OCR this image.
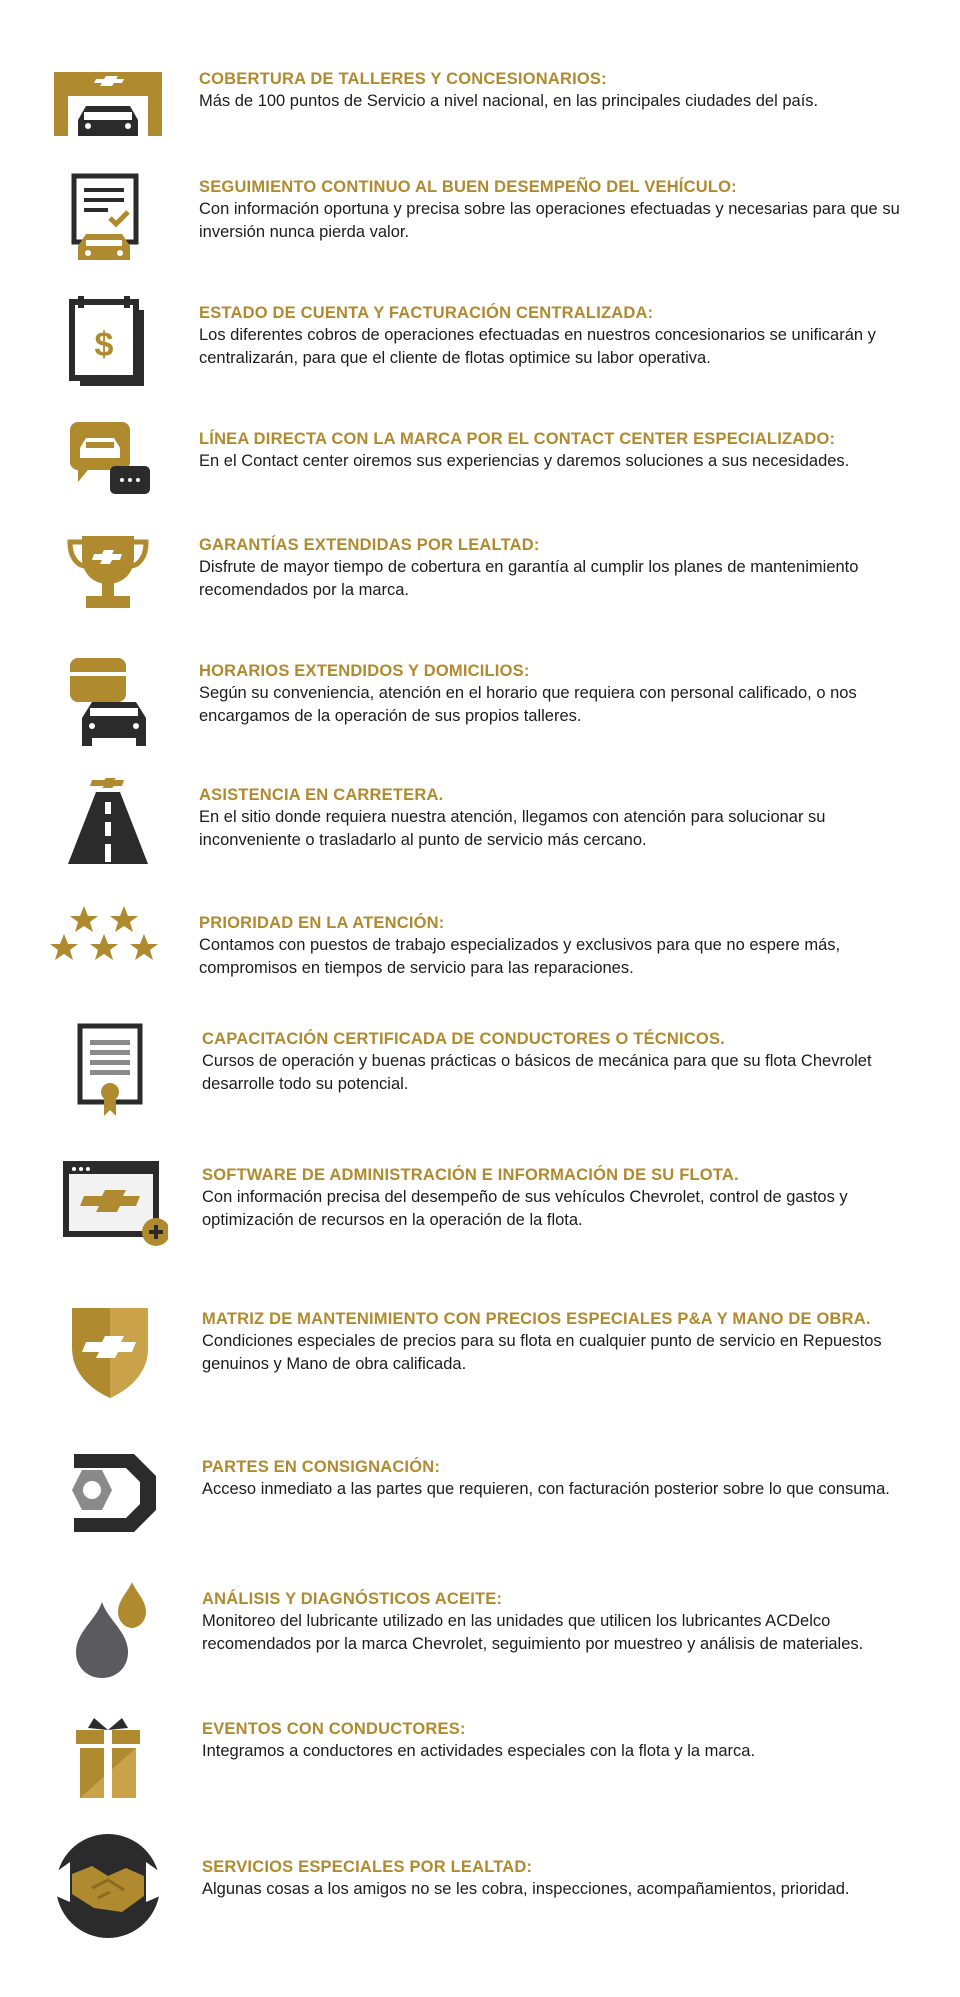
COBERTURA DE TALLERES Y CONCESIONARIOS:

Más de 100 puntos de Servicio a nivel nacional, en las principales ciudades del país.

SEGUIMIENTO CONTINUO AL BUEN DESEMPEÑO DEL VEHÍCULO:

Con información oportuna y precisa sobre las operaciones efectuadas y necesarias para que su inversión nunca pierda valor.

$

ESTADO DE CUENTA Y FACTURACIÓN CENTRALIZADA:

Los diferentes cobros de operaciones efectuadas en nuestros concesionarios se unificarán y centralizarán, para que el cliente de flotas optimice su labor operativa.

LÍNEA DIRECTA CON LA MARCA POR EL CONTACT CENTER ESPECIALIZADO:

En el Contact center oiremos sus experiencias y daremos soluciones a sus necesidades.

GARANTÍAS EXTENDIDAS POR LEALTAD:

Disfrute de mayor tiempo de cobertura en garantía al cumplir los planes de mantenimiento recomendados por la marca.

HORARIOS EXTENDIDOS Y DOMICILIOS:

Según su conveniencia, atención en el horario que requiera con personal calificado, o nos encargamos de la operación de sus propios talleres.

ASISTENCIA EN CARRETERA.

En el sitio donde requiera nuestra atención, llegamos con atención para solucionar su inconveniente o trasladarlo al punto de servicio más cercano.

PRIORIDAD EN LA ATENCIÓN:

Contamos con puestos de trabajo especializados y exclusivos para que no espere más, compromisos en tiempos de servicio para las reparaciones.

CAPACITACIÓN CERTIFICADA DE CONDUCTORES O TÉCNICOS.

Cursos de operación y buenas prácticas o básicos de mecánica para que su flota Chevrolet desarrolle todo su potencial.

SOFTWARE DE ADMINISTRACIÓN E INFORMACIÓN DE SU FLOTA.

Con información precisa del desempeño de sus vehículos Chevrolet, control de gastos y optimización de recursos en la operación de la flota.

MATRIZ DE MANTENIMIENTO CON PRECIOS ESPECIALES P&A Y MANO DE OBRA.

Condiciones especiales de precios para su flota en cualquier punto de servicio en Repuestos genuinos y Mano de obra calificada.

PARTES EN CONSIGNACIÓN:

Acceso inmediato a las partes que requieren, con facturación posterior sobre lo que consuma.

ANÁLISIS Y DIAGNÓSTICOS ACEITE:

Monitoreo del lubricante utilizado en las unidades que utilicen los lubricantes ACDelco recomendados por la marca Chevrolet, seguimiento por muestreo y análisis de materiales.

EVENTOS CON CONDUCTORES:

Integramos a conductores en actividades especiales con la flota y la marca.

SERVICIOS ESPECIALES POR LEALTAD:

Algunas cosas a los amigos no se les cobra, inspecciones, acompañamientos, prioridad.
